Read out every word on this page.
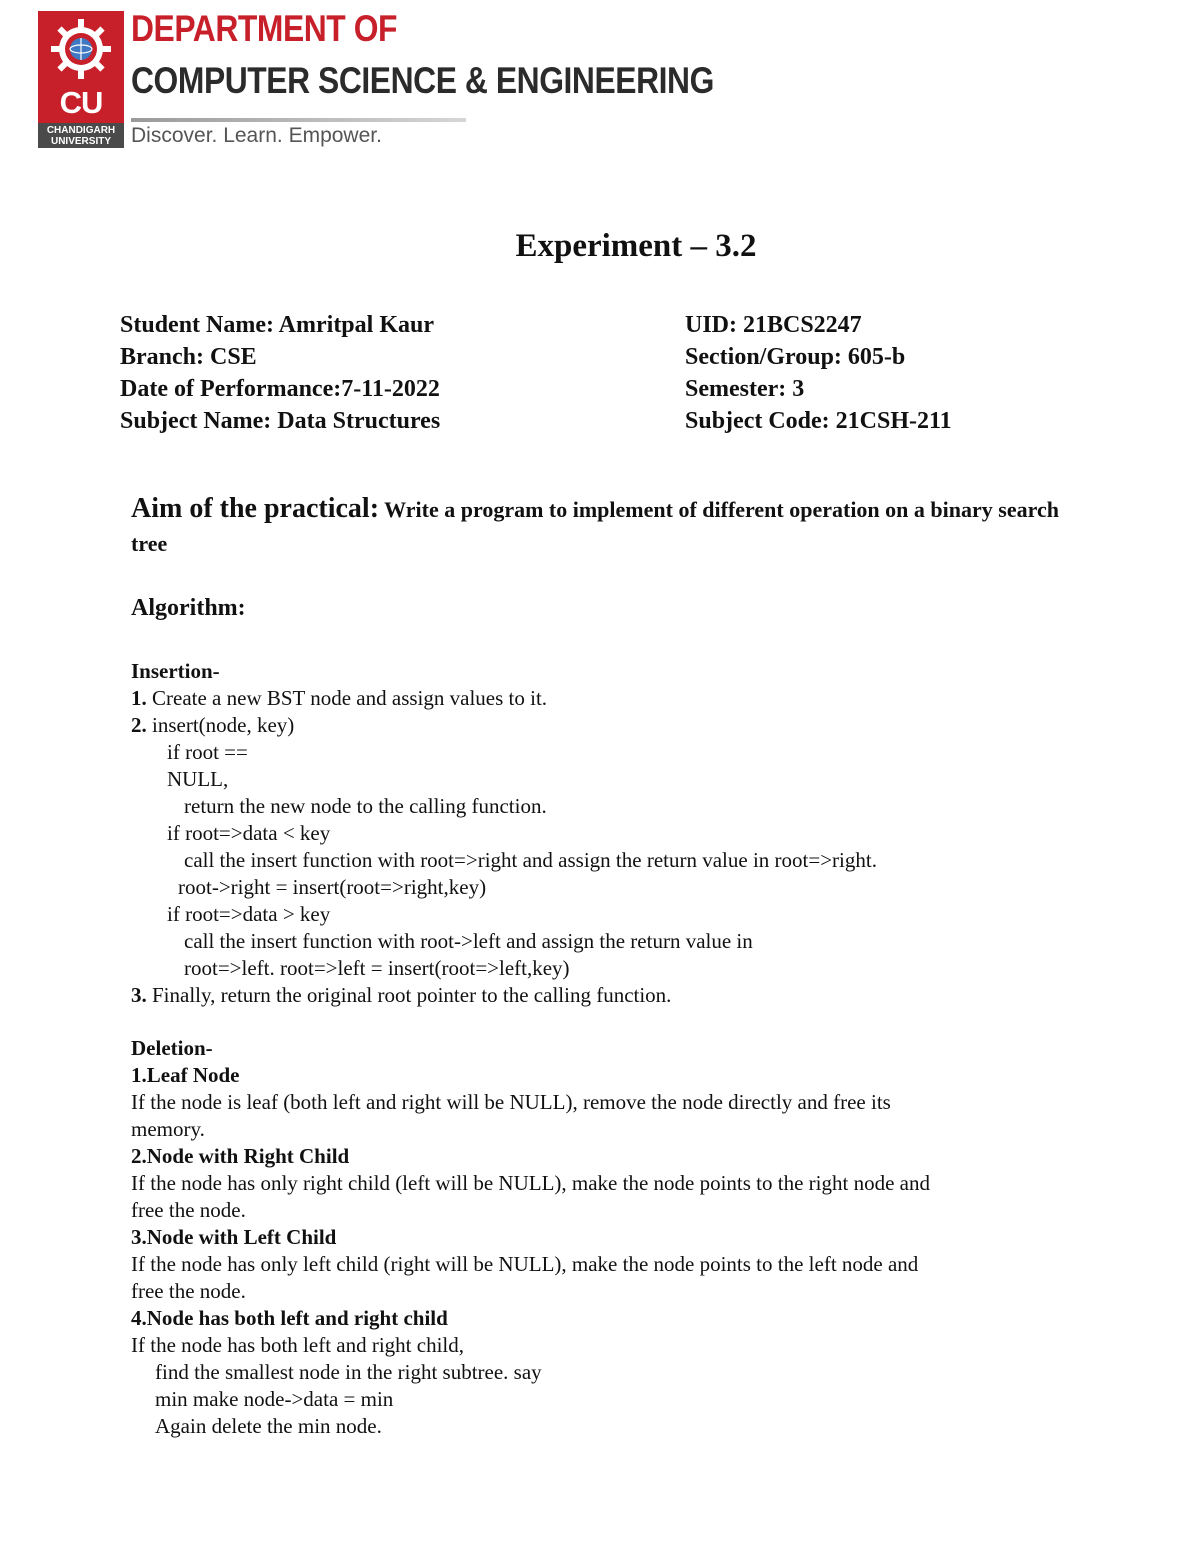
CU
CHANDIGARH
UNIVERSITY
DEPARTMENT OF
COMPUTER SCIENCE & ENGINEERING
Discover. Learn. Empower.
Experiment – 3.2
Student Name: Amritpal Kaur
Branch: CSE
Date of Performance:7-11-2022
Subject Name: Data Structures
UID: 21BCS2247
Section/Group: 605-b
Semester: 3
Subject Code: 21CSH-211
Aim of the practical: Write a program to implement of different operation on a binary search tree
Algorithm:
Insertion-
1. Create a new BST node and assign values to it.
2. insert(node, key)
if root ==
NULL,
return the new node to the calling function.
if root=>data < key
call the insert function with root=>right and assign the return value in root=>right.
root->right = insert(root=>right,key)
if root=>data > key
call the insert function with root->left and assign the return value in
root=>left. root=>left = insert(root=>left,key)
3. Finally, return the original root pointer to the calling function.
Deletion-
1.Leaf Node
If the node is leaf (both left and right will be NULL), remove the node directly and free its
memory.
2.Node with Right Child
If the node has only right child (left will be NULL), make the node points to the right node and
free the node.
3.Node with Left Child
If the node has only left child (right will be NULL), make the node points to the left node and
free the node.
4.Node has both left and right child
If the node has both left and right child,
find the smallest node in the right subtree. say
min make node->data = min
Again delete the min node.
